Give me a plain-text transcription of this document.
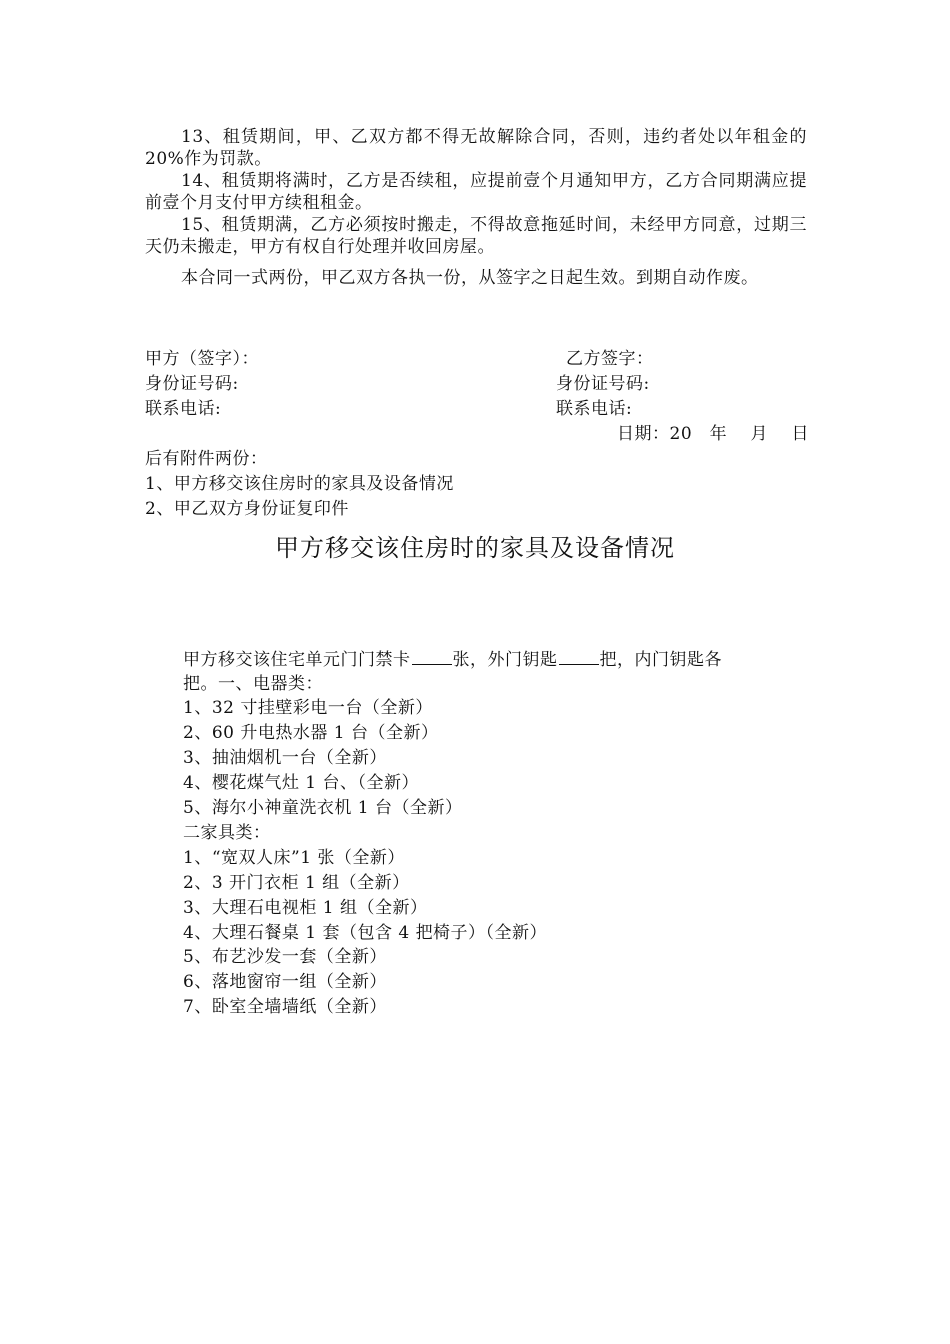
13、租赁期间，甲、乙双方都不得无故解除合同，否则，违约者处以年租金的20%作为罚款。

14、租赁期将满时，乙方是否续租，应提前壹个月通知甲方，乙方合同期满应提前壹个月支付甲方续租租金。

15、租赁期满，乙方必须按时搬走，不得故意拖延时间，未经甲方同意，过期三天仍未搬走，甲方有权自行处理并收回房屋。

本合同一式两份，甲乙双方各执一份，从签字之日起生效。到期自动作废。

甲方（签字）：	乙方签字：
身份证号码:	身份证号码:
联系电话:	联系电话:
日期：20　年　 月　 日
后有附件两份：
1、甲方移交该住房时的家具及设备情况
2、甲乙双方身份证复印件
甲方移交该住房时的家具及设备情况
甲方移交该住宅单元门门禁卡 张，外门钥匙 把，内门钥匙各
把。一、电器类：
1、32 寸挂壁彩电一台（全新）
2、60 升电热水器 1 台（全新）
3、抽油烟机一台（全新）
4、樱花煤气灶 1 台、（全新）
5、海尔小神童洗衣机 1 台（全新）
二家具类：
1、“宽双人床”1 张（全新）
2、3 开门衣柜 1 组（全新）
3、大理石电视柜 1 组（全新）
4、大理石餐桌 1 套（包含 4 把椅子）（全新）
5、布艺沙发一套（全新）
6、落地窗帘一组（全新）
7、卧室全墙墙纸（全新）
